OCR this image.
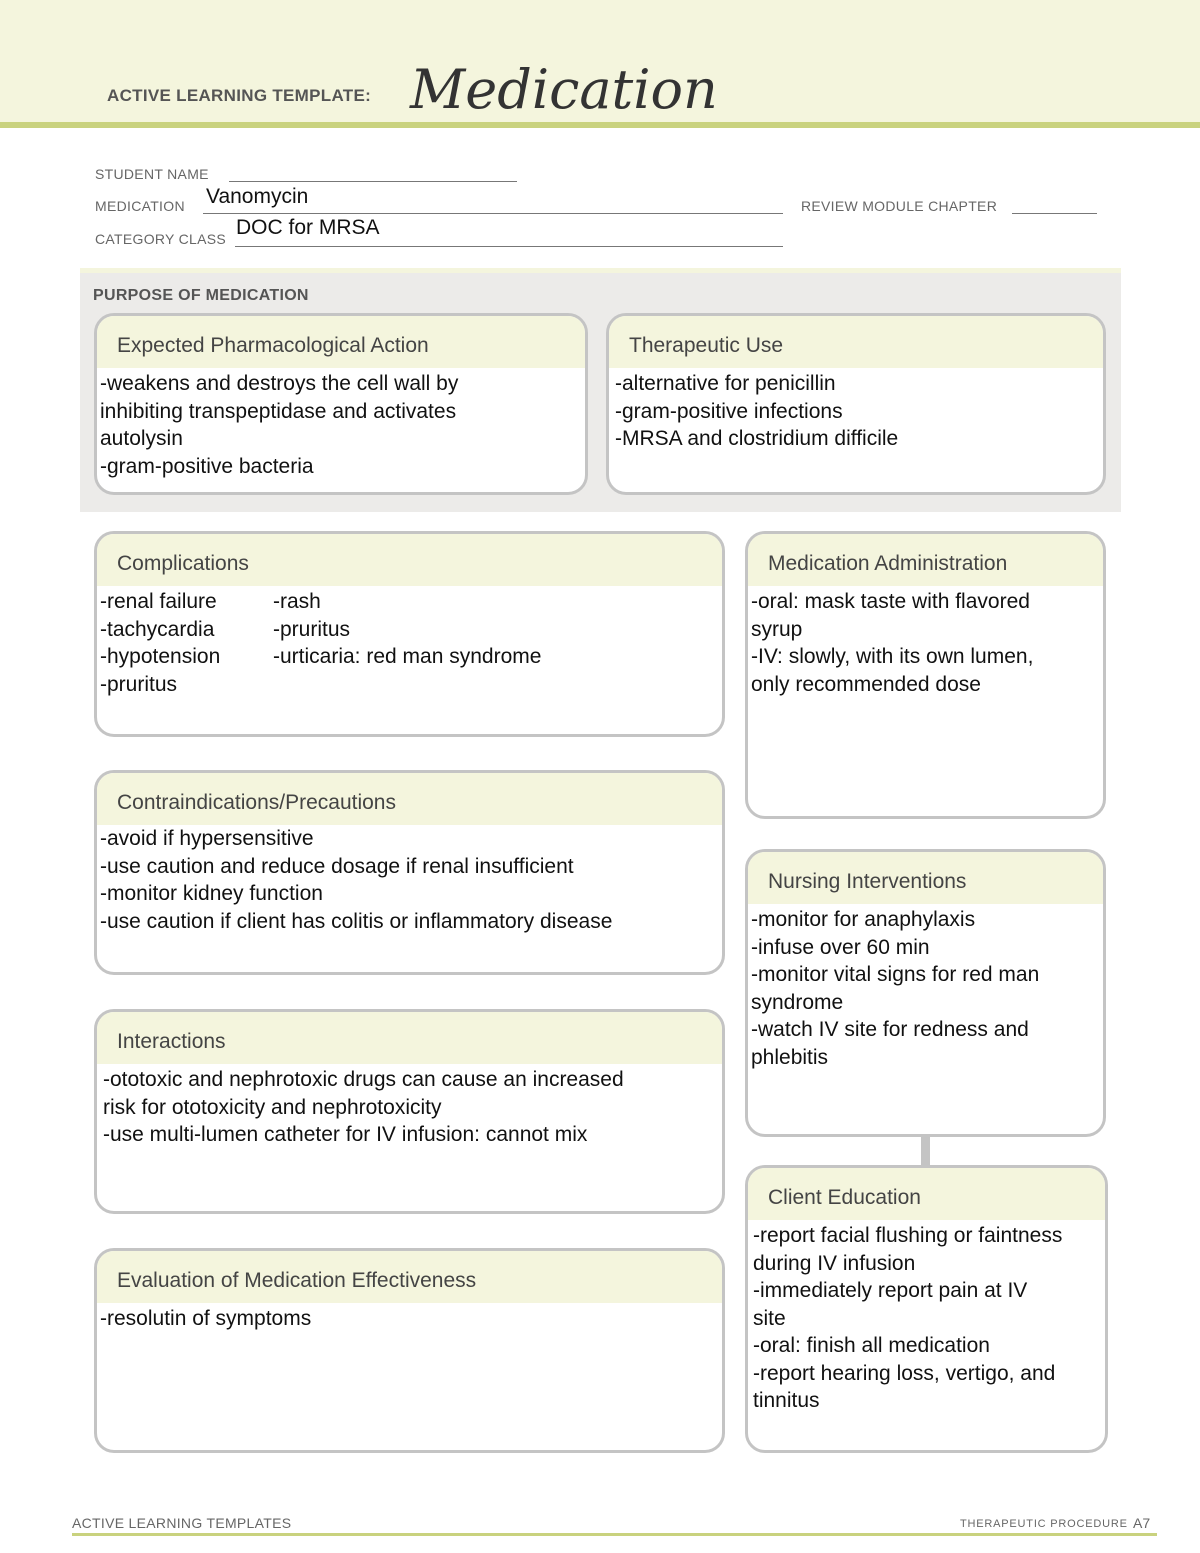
ACTIVE LEARNING TEMPLATE: Medication
STUDENT NAME
MEDICATION Vanomycin	REVIEW MODULE CHAPTER
CATEGORY CLASS DOC for MRSA
PURPOSE OF MEDICATION
Expected Pharmacological Action
-weakens and destroys the cell wall by
inhibiting transpeptidase and activates
autolysin
-gram-positive bacteria
Therapeutic Use
-alternative for penicillin
-gram-positive infections
-MRSA and clostridium difficile
Complications
-renal failure
-tachycardia
-hypotension
-pruritus
-rash
-pruritus
-urticaria: red man syndrome
Medication Administration
-oral: mask taste with flavored
syrup
-IV: slowly, with its own lumen,
only recommended dose
Contraindications/Precautions
-avoid if hypersensitive
-use caution and reduce dosage if renal insufficient
-monitor kidney function
-use caution if client has colitis or inflammatory disease
Nursing Interventions
-monitor for anaphylaxis
-infuse over 60 min
-monitor vital signs for red man
syndrome
-watch IV site for redness and
phlebitis
Interactions
-ototoxic and nephrotoxic drugs can cause an increased
risk for ototoxicity and nephrotoxicity
-use multi-lumen catheter for IV infusion: cannot mix
Client Education
-report facial flushing or faintness
during IV infusion
-immediately report pain at IV
site
-oral: finish all medication
-report hearing loss, vertigo, and
tinnitus
Evaluation of Medication Effectiveness
-resolutin of symptoms
ACTIVE LEARNING TEMPLATES	THERAPEUTIC PROCEDURE A7
